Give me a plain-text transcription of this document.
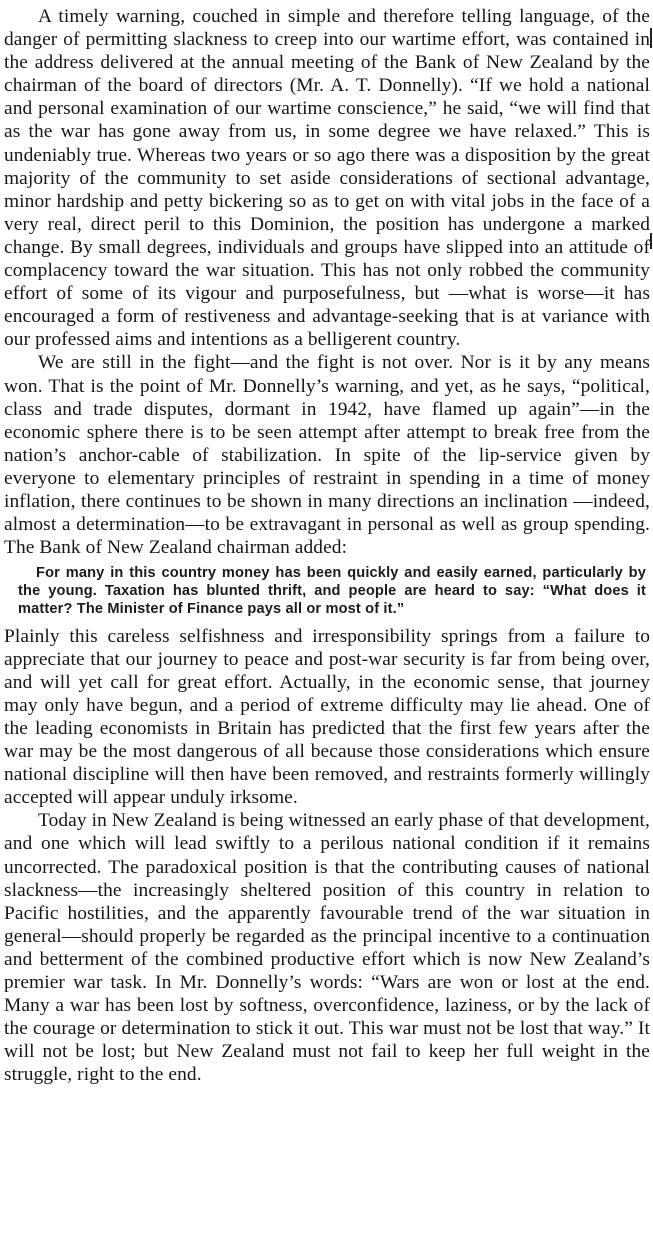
A timely warning, couched in simple and therefore telling language, of the danger of permitting slackness to creep into our wartime effort, was contained in the address delivered at the annual meeting of the Bank of New Zealand by the chairman of the board of directors (Mr. A. T. Donnelly). “If we hold a national and personal examination of our wartime conscience,” he said, “we will find that as the war has gone away from us, in some degree we have relaxed.” This is undeniably true. Whereas two years or so ago there was a disposition by the great majority of the community to set aside considerations of sectional advantage, minor hardship and petty bickering so as to get on with vital jobs in the face of a very real, direct peril to this Dominion, the position has undergone a marked change. By small degrees, individuals and groups have slipped into an attitude of complacency toward the war situation. This has not only robbed the community effort of some of its vigour and purposefulness, but —what is worse—it has encouraged a form of restiveness and advantage-seeking that is at variance with our professed aims and intentions as a belligerent country.

We are still in the fight—and the fight is not over. Nor is it by any means won. That is the point of Mr. Donnelly’s warning, and yet, as he says, “political, class and trade disputes, dormant in 1942, have flamed up again”—in the economic sphere there is to be seen attempt after attempt to break free from the nation’s anchor-cable of stabilization. In spite of the lip-service given by everyone to elementary principles of restraint in spending in a time of money inflation, there continues to be shown in many directions an inclination —indeed, almost a determination—to be extravagant in personal as well as group spending. The Bank of New Zealand chairman added:

For many in this country money has been quickly and easily earned, particularly by the young. Taxation has blunted thrift, and people are heard to say: “What does it matter? The Minister of Finance pays all or most of it.”

Plainly this careless selfishness and irresponsibility springs from a failure to appreciate that our journey to peace and post-war security is far from being over, and will yet call for great effort. Actually, in the economic sense, that journey may only have begun, and a period of extreme difficulty may lie ahead. One of the leading economists in Britain has predicted that the first few years after the war may be the most dangerous of all because those considerations which ensure national discipline will then have been removed, and restraints formerly willingly accepted will appear unduly irksome.

Today in New Zealand is being witnessed an early phase of that development, and one which will lead swiftly to a perilous national condition if it remains uncorrected. The paradoxical position is that the contributing causes of national slackness—the increasingly sheltered position of this country in relation to Pacific hostilities, and the apparently favourable trend of the war situation in general—should properly be regarded as the principal incentive to a continuation and betterment of the combined productive effort which is now New Zealand’s premier war task. In Mr. Donnelly’s words: “Wars are won or lost at the end. Many a war has been lost by softness, overconfidence, laziness, or by the lack of the courage or determination to stick it out. This war must not be lost that way.” It will not be lost; but New Zealand must not fail to keep her full weight in the struggle, right to the end.
